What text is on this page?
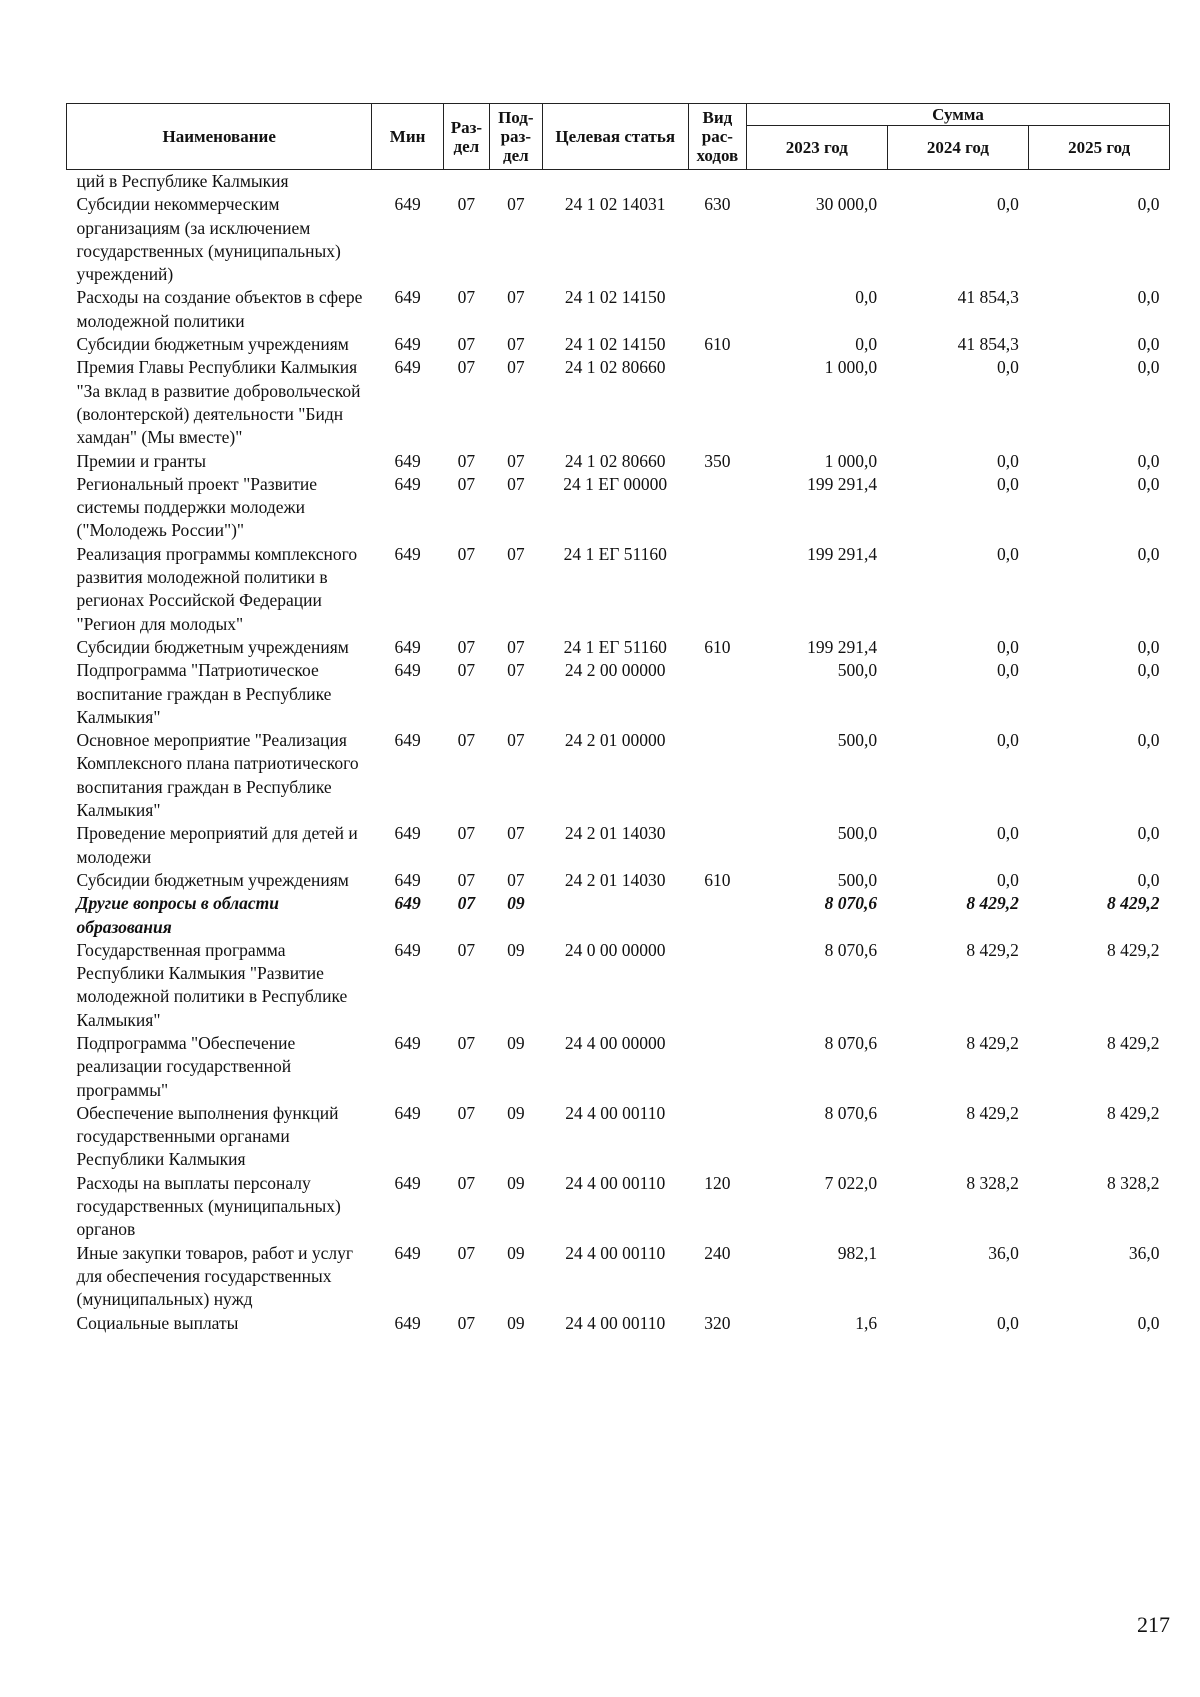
Наименование	Мин	Раз-дел	Под-раз-дел	Целевая статья	Вид рас-ходов	Сумма		
						2023 год	2024 год	2025 год
ций в Республике Калмыкия								
Субсидии некоммерческим организациям (за исключением государственных (муниципальных) учреждений)	649	07	07	24 1 02 14031	630	30 000,0	0,0	0,0
Расходы на создание объектов в сфере молодежной политики	649	07	07	24 1 02 14150		0,0	41 854,3	0,0
Субсидии бюджетным учреждениям	649	07	07	24 1 02 14150	610	0,0	41 854,3	0,0
Премия Главы Республики Калмыкия "За вклад в развитие добровольческой (волонтерской) деятельности "Бидн хамдан" (Мы вместе)"	649	07	07	24 1 02 80660		1 000,0	0,0	0,0
Премии и гранты	649	07	07	24 1 02 80660	350	1 000,0	0,0	0,0
Региональный проект "Развитие системы поддержки молодежи ("Молодежь России")"	649	07	07	24 1 ЕГ 00000		199 291,4	0,0	0,0
Реализация программы комплексного развития молодежной политики в регионах Российской Федерации "Регион для молодых"	649	07	07	24 1 ЕГ 51160		199 291,4	0,0	0,0
Субсидии бюджетным учреждениям	649	07	07	24 1 ЕГ 51160	610	199 291,4	0,0	0,0
Подпрограмма "Патриотическое воспитание граждан в Республике Калмыкия"	649	07	07	24 2 00 00000		500,0	0,0	0,0
Основное мероприятие "Реализация Комплексного плана патриотического воспитания граждан в Республике Калмыкия"	649	07	07	24 2 01 00000		500,0	0,0	0,0
Проведение мероприятий для детей и молодежи	649	07	07	24 2 01 14030		500,0	0,0	0,0
Субсидии бюджетным учреждениям	649	07	07	24 2 01 14030	610	500,0	0,0	0,0
Другие вопросы в области образования	649	07	09			8 070,6	8 429,2	8 429,2
Государственная программа Республики Калмыкия "Развитие молодежной политики в Республике Калмыкия"	649	07	09	24 0 00 00000		8 070,6	8 429,2	8 429,2
Подпрограмма "Обеспечение реализации государственной программы"	649	07	09	24 4 00 00000		8 070,6	8 429,2	8 429,2
Обеспечение выполнения функций государственными органами Республики Калмыкия	649	07	09	24 4 00 00110		8 070,6	8 429,2	8 429,2
Расходы на выплаты персоналу государственных (муниципальных) органов	649	07	09	24 4 00 00110	120	7 022,0	8 328,2	8 328,2
Иные закупки товаров, работ и услуг для обеспечения государственных (муниципальных) нужд	649	07	09	24 4 00 00110	240	982,1	36,0	36,0
Социальные выплаты	649	07	09	24 4 00 00110	320	1,6	0,0	0,0
217
